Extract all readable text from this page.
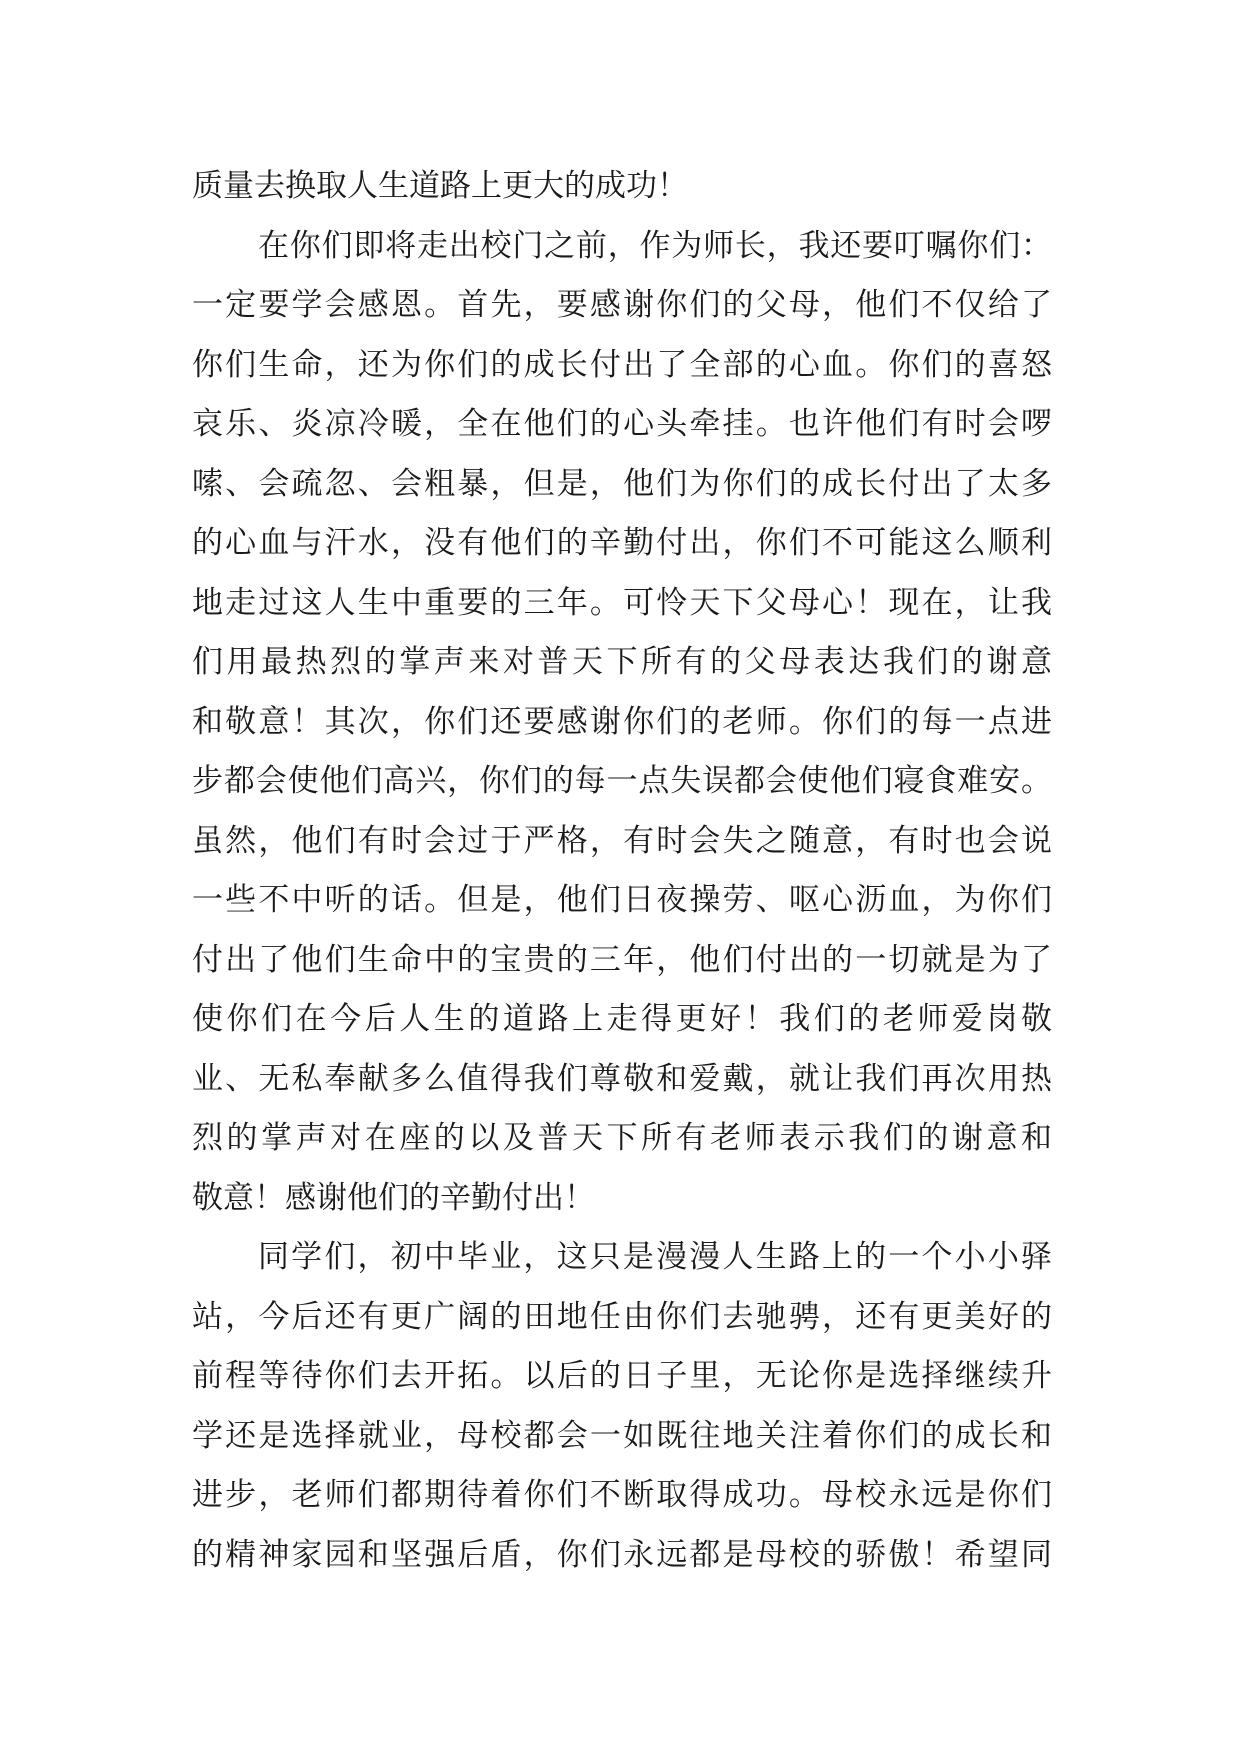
质量去换取人生道路上更大的成功！
在你们即将走出校门之前，作为师长，我还要叮嘱你们：
一定要学会感恩。首先，要感谢你们的父母，他们不仅给了
你们生命，还为你们的成长付出了全部的心血。你们的喜怒
哀乐、炎凉冷暖，全在他们的心头牵挂。也许他们有时会啰
嗦、会疏忽、会粗暴，但是，他们为你们的成长付出了太多
的心血与汗水，没有他们的辛勤付出，你们不可能这么顺利
地走过这人生中重要的三年。可怜天下父母心！现在，让我
们用最热烈的掌声来对普天下所有的父母表达我们的谢意
和敬意！其次，你们还要感谢你们的老师。你们的每一点进
步都会使他们高兴，你们的每一点失误都会使他们寝食难安。
虽然，他们有时会过于严格，有时会失之随意，有时也会说
一些不中听的话。但是，他们日夜操劳、呕心沥血，为你们
付出了他们生命中的宝贵的三年，他们付出的一切就是为了
使你们在今后人生的道路上走得更好！我们的老师爱岗敬
业、无私奉献多么值得我们尊敬和爱戴，就让我们再次用热
烈的掌声对在座的以及普天下所有老师表示我们的谢意和
敬意！感谢他们的辛勤付出！
同学们，初中毕业，这只是漫漫人生路上的一个小小驿
站，今后还有更广阔的田地任由你们去驰骋，还有更美好的
前程等待你们去开拓。以后的日子里，无论你是选择继续升
学还是选择就业，母校都会一如既往地关注着你们的成长和
进步，老师们都期待着你们不断取得成功。母校永远是你们
的精神家园和坚强后盾，你们永远都是母校的骄傲！希望同
